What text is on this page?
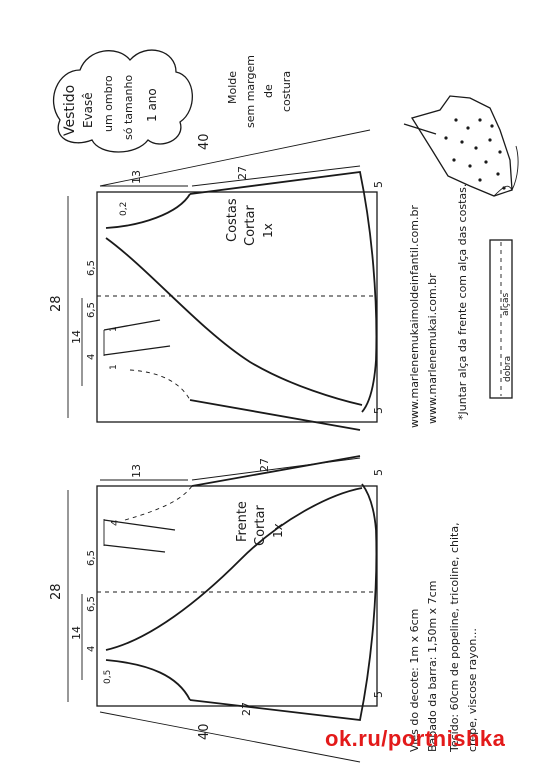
40
28
14
13	27
5
5
6,5
6,5
4
0,2
1
1
Costas Cortar 1x
28
14
13	27
5
5
27
40
4
6,5
6,5
4
0,5
Frente Cortar 1x
Vestido Evasê um ombro só tamanho 1 ano
Molde sem margem de costura
www.marlenemukaimoldeinfantil.com.br www.marlenemukai.com.br *Juntar alça da frente com alça das costas.	alças
dobra
Viés do decote: 1m x 6cm Babado da barra: 1,50m x 7cm Tecido: 60cm de popeline, tricoline, chita, crepe, viscose rayon...
ok.ru/portnishka
